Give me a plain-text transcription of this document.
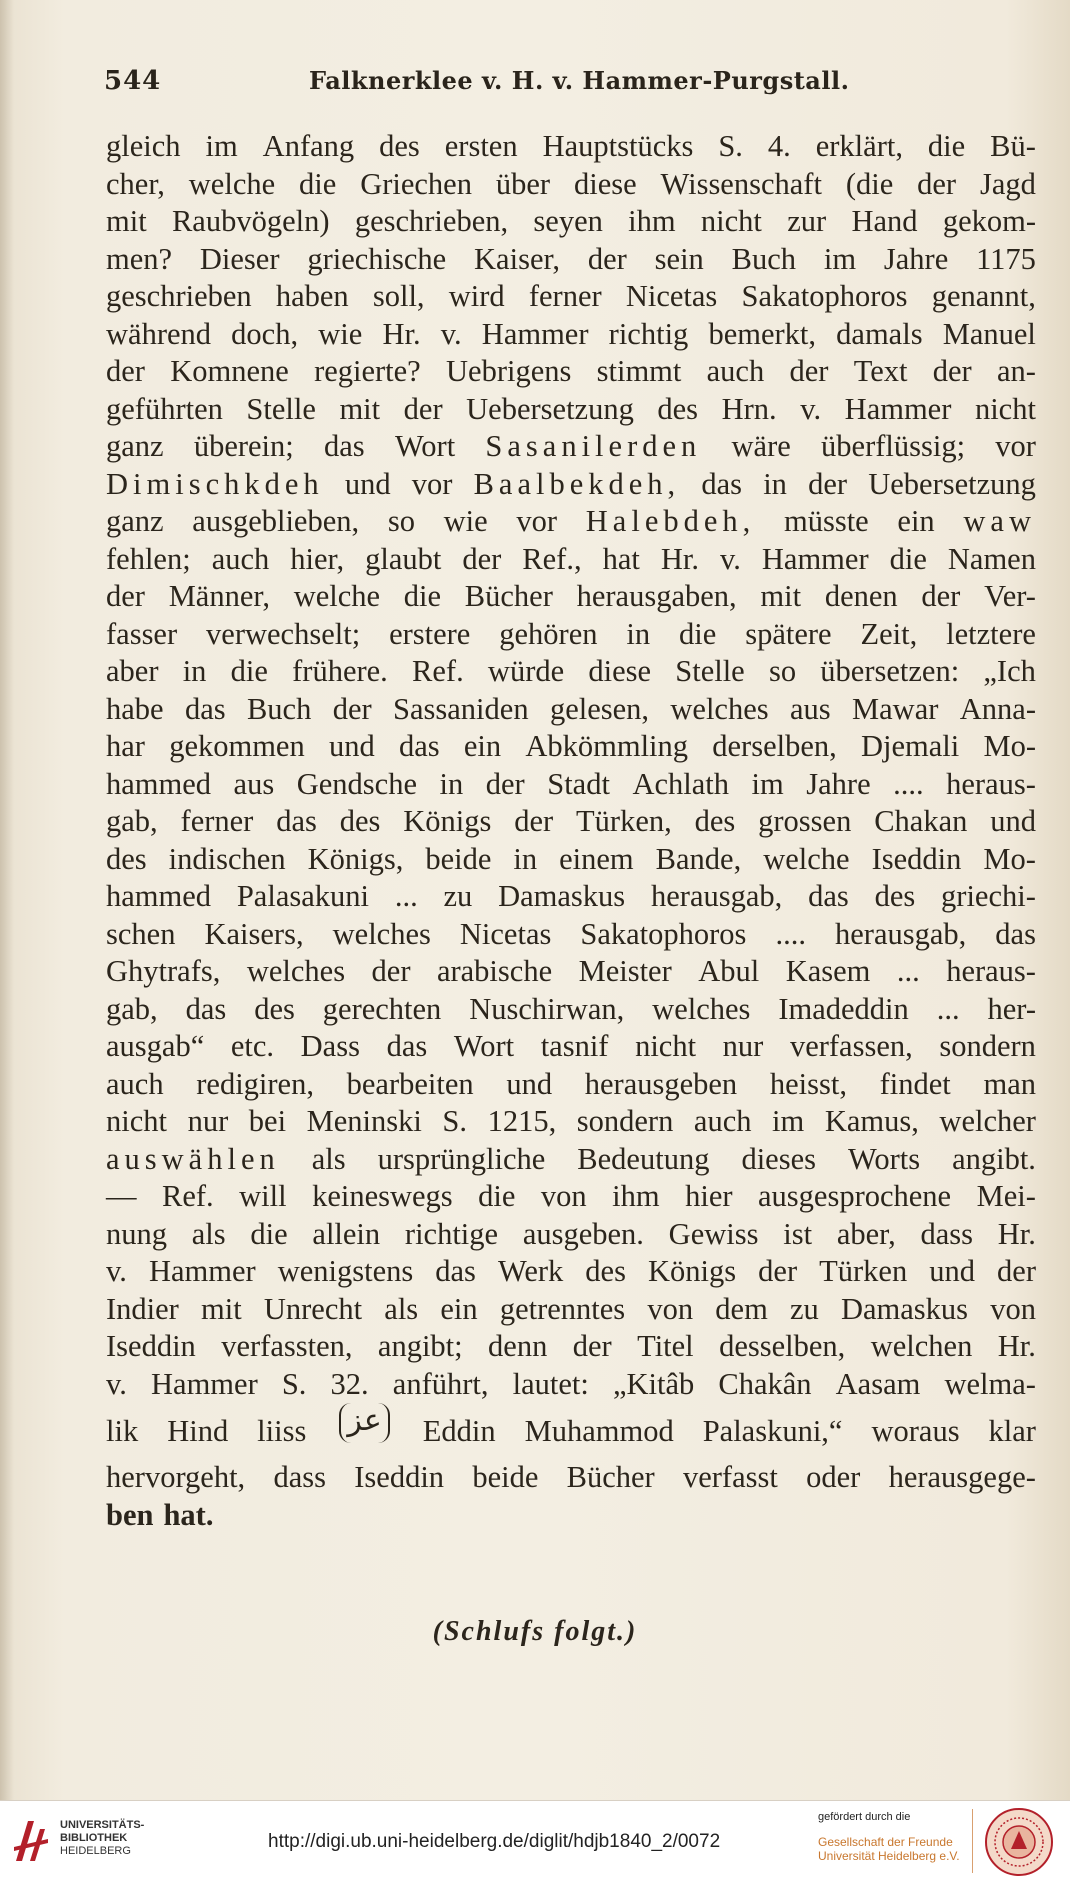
544	Falknerklee v. H. v. Hammer-Purgstall.
gleich im Anfang des ersten Hauptstücks S. 4. erklärt, die Bü-
cher, welche die Griechen über diese Wissenschaft (die der Jagd
mit Raubvögeln) geschrieben, seyen ihm nicht zur Hand gekom-
men? Dieser griechische Kaiser, der sein Buch im Jahre 1175
geschrieben haben soll, wird ferner Nicetas Sakatophoros genannt,
während doch, wie Hr. v. Hammer richtig bemerkt, damals Manuel
der Komnene regierte? Uebrigens stimmt auch der Text der an-
geführten Stelle mit der Uebersetzung des Hrn. v. Hammer nicht
ganz überein; das Wort Sasanilerden wäre überflüssig; vor
Dimischkdeh und vor Baalbekdeh, das in der Uebersetzung
ganz ausgeblieben, so wie vor Halebdeh, müsste ein waw
fehlen; auch hier, glaubt der Ref., hat Hr. v. Hammer die Namen
der Männer, welche die Bücher herausgaben, mit denen der Ver-
fasser verwechselt; erstere gehören in die spätere Zeit, letztere
aber in die frühere. Ref. würde diese Stelle so übersetzen: „Ich
habe das Buch der Sassaniden gelesen, welches aus Mawar Anna-
har gekommen und das ein Abkömmling derselben, Djemali Mo-
hammed aus Gendsche in der Stadt Achlath im Jahre .... heraus-
gab, ferner das des Königs der Türken, des grossen Chakan und
des indischen Königs, beide in einem Bande, welche Iseddin Mo-
hammed Palasakuni ... zu Damaskus herausgab, das des griechi-
schen Kaisers, welches Nicetas Sakatophoros .... herausgab, das
Ghytrafs, welches der arabische Meister Abul Kasem ... heraus-
gab, das des gerechten Nuschirwan, welches Imadeddin ... her-
ausgab“ etc. Dass das Wort tasnif nicht nur verfassen, sondern
auch redigiren, bearbeiten und herausgeben heisst, findet man
nicht nur bei Meninski S. 1215, sondern auch im Kamus, welcher
auswählen als ursprüngliche Bedeutung dieses Worts angibt.
— Ref. will keineswegs die von ihm hier ausgesprochene Mei-
nung als die allein richtige ausgeben. Gewiss ist aber, dass Hr.
v. Hammer wenigstens das Werk des Königs der Türken und der
Indier mit Unrecht als ein getrenntes von dem zu Damaskus von
Iseddin verfassten, angibt; denn der Titel desselben, welchen Hr.
v. Hammer S. 32. anführt, lautet: „Kitâb Chakân Aasam welma-
lik Hind liiss عز Eddin Muhammod Palaskuni,“ woraus klar
hervorgeht, dass Iseddin beide Bücher verfasst oder herausgege-
ben hat.
(Schlufs folgt.)
UNIVERSITÄTS-
BIBLIOTHEK
HEIDELBERG	http://digi.ub.uni-heidelberg.de/diglit/hdjb1840_2/0072
gefördert durch die
Gesellschaft der Freunde
Universität Heidelberg e.V.
